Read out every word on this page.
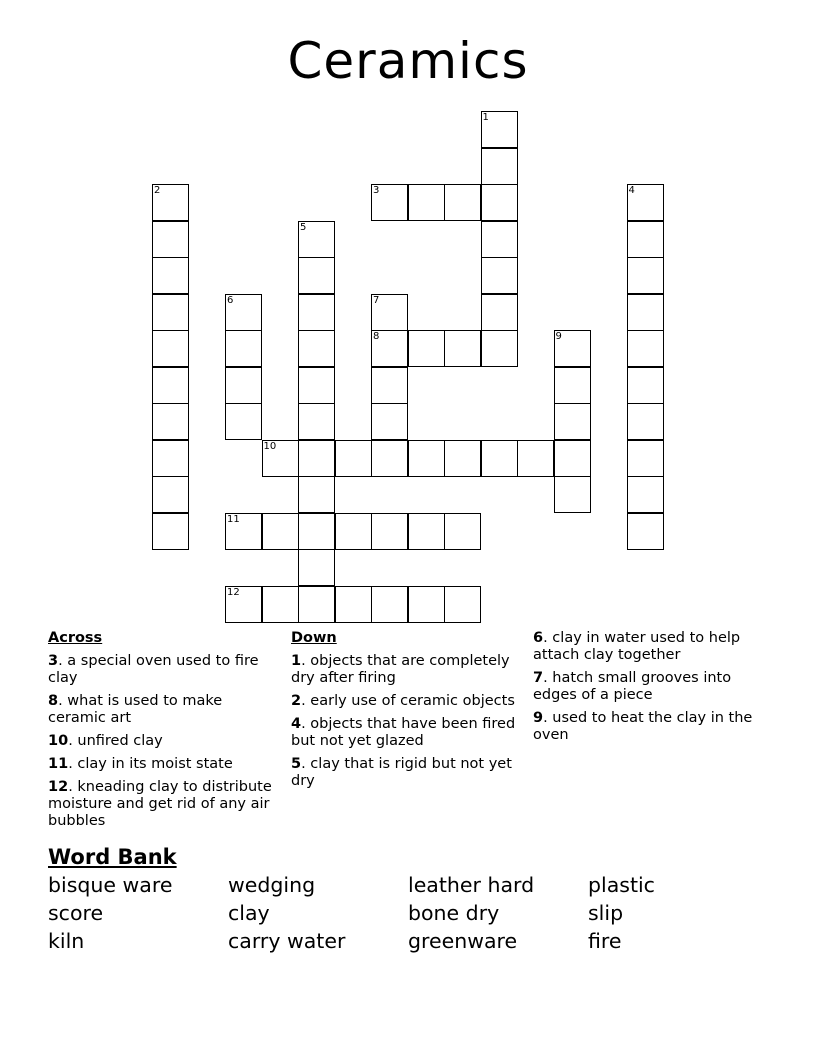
Ceramics
1
2	3	4
5
6	7
8	9
10
11
12
Across
3. a special oven used to fire clay
8. what is used to make ceramic art
10. unfired clay
11. clay in its moist state
12. kneading clay to distribute moisture and get rid of any air bubbles
Down
1. objects that are completely dry after firing
2. early use of ceramic objects
4. objects that have been fired but not yet glazed
5. clay that is rigid but not yet dry
6. clay in water used to help attach clay together
7. hatch small grooves into edges of a piece
9. used to heat the clay in the oven
Word Bank
bisque ware	wedging	leather hard	plastic
score	clay	bone dry	slip
kiln	carry water	greenware	fire
